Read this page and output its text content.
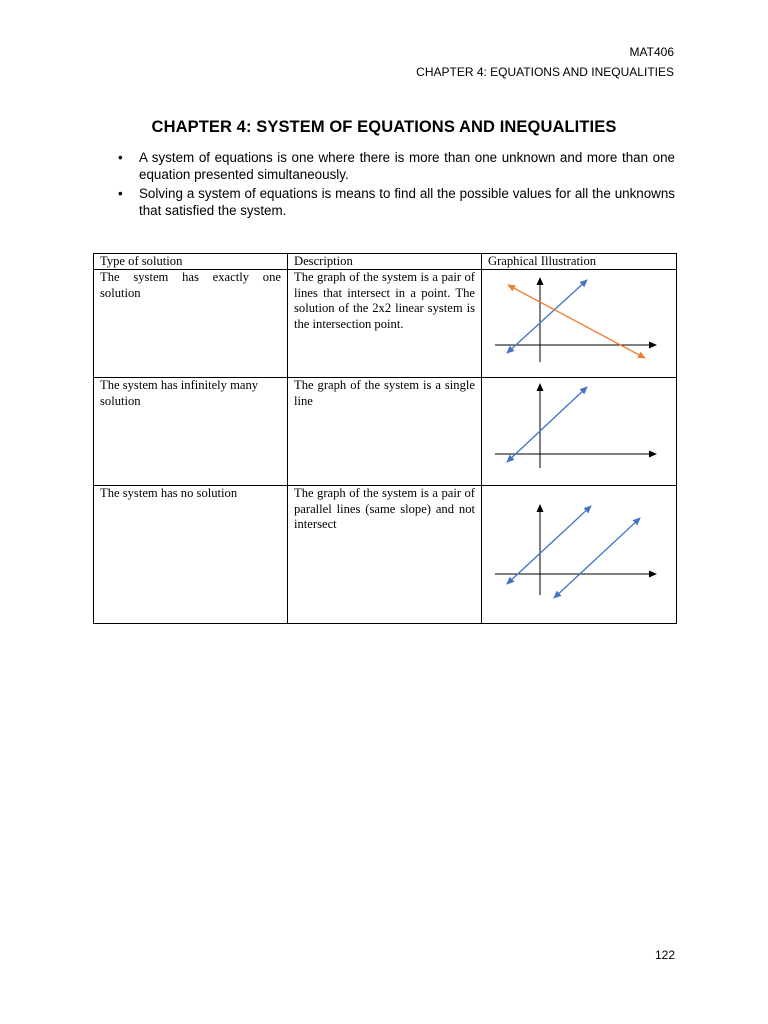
MAT406
CHAPTER 4: EQUATIONS AND INEQUALITIES
CHAPTER 4: SYSTEM OF EQUATIONS AND INEQUALITIES
• A system of equations is one where there is more than one unknown and more than one equation presented simultaneously.
• Solving a system of equations is means to find all the possible values for all the unknowns that satisfied the system.
Type of solution	Description	Graphical Illustration
The system has exactly one solution	The graph of the system is a pair of lines that intersect in a point. The solution of the 2x2 linear system is the intersection point.	

The system has infinitely many solution	The graph of the system is a single line	

The system has no solution	The graph of the system is a pair of parallel lines (same slope) and not intersect	
122
